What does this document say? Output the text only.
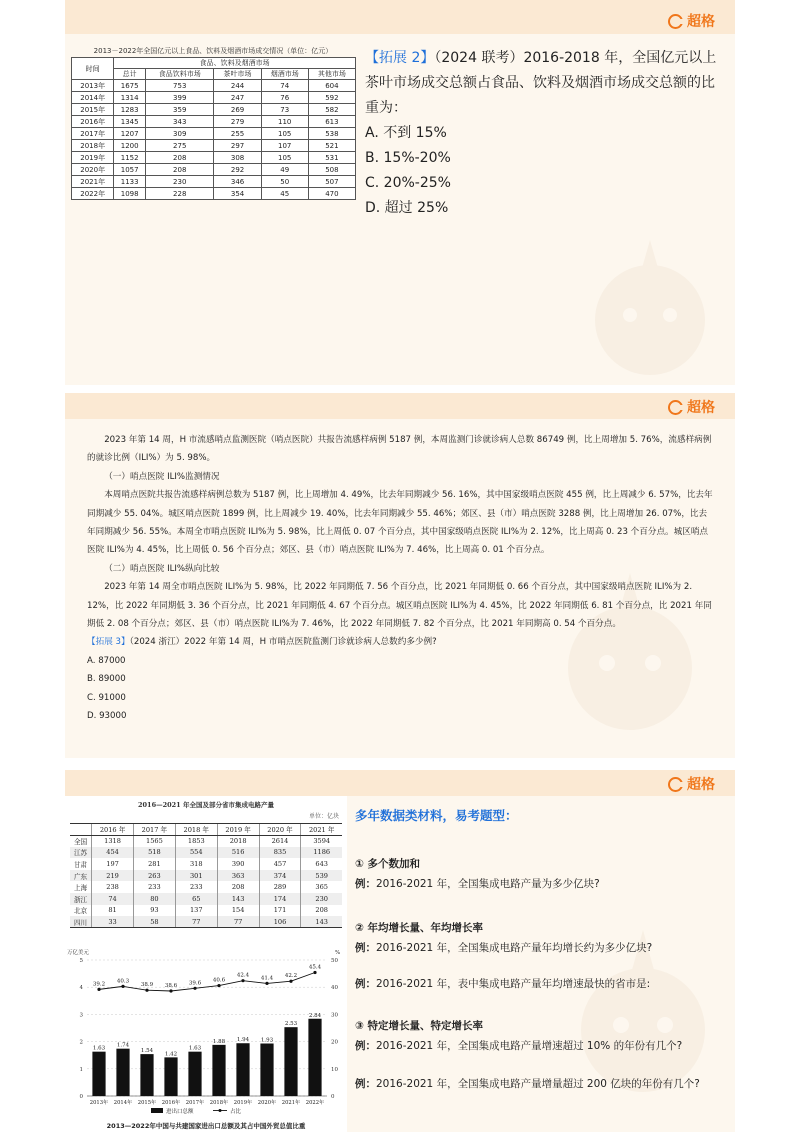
超格
2013－2022年全国亿元以上食品、饮料及烟酒市场成交情况（单位：亿元）
时间	食品、饮料及烟酒市场				
	总计	食品饮料市场	茶叶市场	烟酒市场	其他市场
2013年	1675	753	244	74	604
2014年	1314	399	247	76	592
2015年	1283	359	269	73	582
2016年	1345	343	279	110	613
2017年	1207	309	255	105	538
2018年	1200	275	297	107	521
2019年	1152	208	308	105	531
2020年	1057	208	292	49	508
2021年	1133	230	346	50	507
2022年	1098	228	354	45	470
【拓展 2】（2024 联考）2016-2018 年，全国亿元以上茶叶市场成交总额占食品、饮料及烟酒市场成交总额的比重为：
A. 不到 15%
B. 15%-20%
C. 20%-25%
D. 超过 25%
超格

2023 年第 14 周，H 市流感哨点监测医院（哨点医院）共报告流感样病例 5187 例，本周监测门诊就诊病人总数 86749 例，比上周增加 5. 76%，流感样病例的就诊比例（ILI%）为 5. 98%。

（一）哨点医院 ILI%监测情况

本周哨点医院共报告流感样病例总数为 5187 例，比上周增加 4. 49%，比去年同期减少 56. 16%，其中国家级哨点医院 455 例，比上周减少 6. 57%，比去年同期减少 55. 04%。城区哨点医院 1899 例，比上周减少 19. 40%，比去年同期减少 55. 46%；郊区、县（市）哨点医院 3288 例，比上周增加 26. 07%，比去年同期减少 56. 55%。本周全市哨点医院 ILI%为 5. 98%，比上周低 0. 07 个百分点，其中国家级哨点医院 ILI%为 2. 12%，比上周高 0. 23 个百分点。城区哨点医院 ILI%为 4. 45%，比上周低 0. 56 个百分点；郊区、县（市）哨点医院 ILI%为 7. 46%，比上周高 0. 01 个百分点。

（二）哨点医院 ILI%纵向比较

2023 年第 14 周全市哨点医院 ILI%为 5. 98%，比 2022 年同期低 7. 56 个百分点，比 2021 年同期低 0. 66 个百分点，其中国家级哨点医院 ILI%为 2. 12%，比 2022 年同期低 3. 36 个百分点，比 2021 年同期低 4. 67 个百分点。城区哨点医院 ILI%为 4. 45%，比 2022 年同期低 6. 81 个百分点，比 2021 年同期低 2. 08 个百分点；郊区、县（市）哨点医院 ILI%为 7. 46%，比 2022 年同期低 7. 82 个百分点，比 2021 年同期高 0. 54 个百分点。

【拓展 3】（2024 浙江）2022 年第 14 周，H 市哨点医院监测门诊就诊病人总数约多少例?

A. 87000

B. 89000

C. 91000

D. 93000

超格
2016—2021 年全国及部分省市集成电路产量
单位：亿块
	2016 年	2017 年	2018 年	2019 年	2020 年	2021 年
全国	1318	1565	1853	2018	2614	3594
江苏	454	518	554	516	835	1186
甘肃	197	281	318	390	457	643
广东	219	263	301	363	374	539
上海	238	233	233	208	289	365
浙江	74	80	65	143	174	230
北京	81	93	137	154	171	208
四川	33	58	77	77	106	143
万亿美元	%
0
1
2
3
4
5
0
10
20
30
40
50
1.63
2013年
1.74
2014年
1.54
2015年
1.42
2016年
1.63
2017年
1.88
2018年
1.94
2019年
1.93
2020年
2.53
2021年
2.84
2022年
39.2 40.3
38.9 38.6 39.6 40.6
42.4 41.4 42.2
45.4
进出口总额	占比
2013—2022年中国与共建国家进出口总额及其占中国外贸总值比重
多年数据类材料，易考题型：
① 多个数加和
例：2016-2021 年，全国集成电路产量为多少亿块?
② 年均增长量、年均增长率
例：2016-2021 年，全国集成电路产量年均增长约为多少亿块?
例：2016-2021 年，表中集成电路产量年均增速最快的省市是:
③ 特定增长量、特定增长率
例：2016-2021 年，全国集成电路产量增速超过 10% 的年份有几个?
例：2016-2021 年，全国集成电路产量增量超过 200 亿块的年份有几个?
